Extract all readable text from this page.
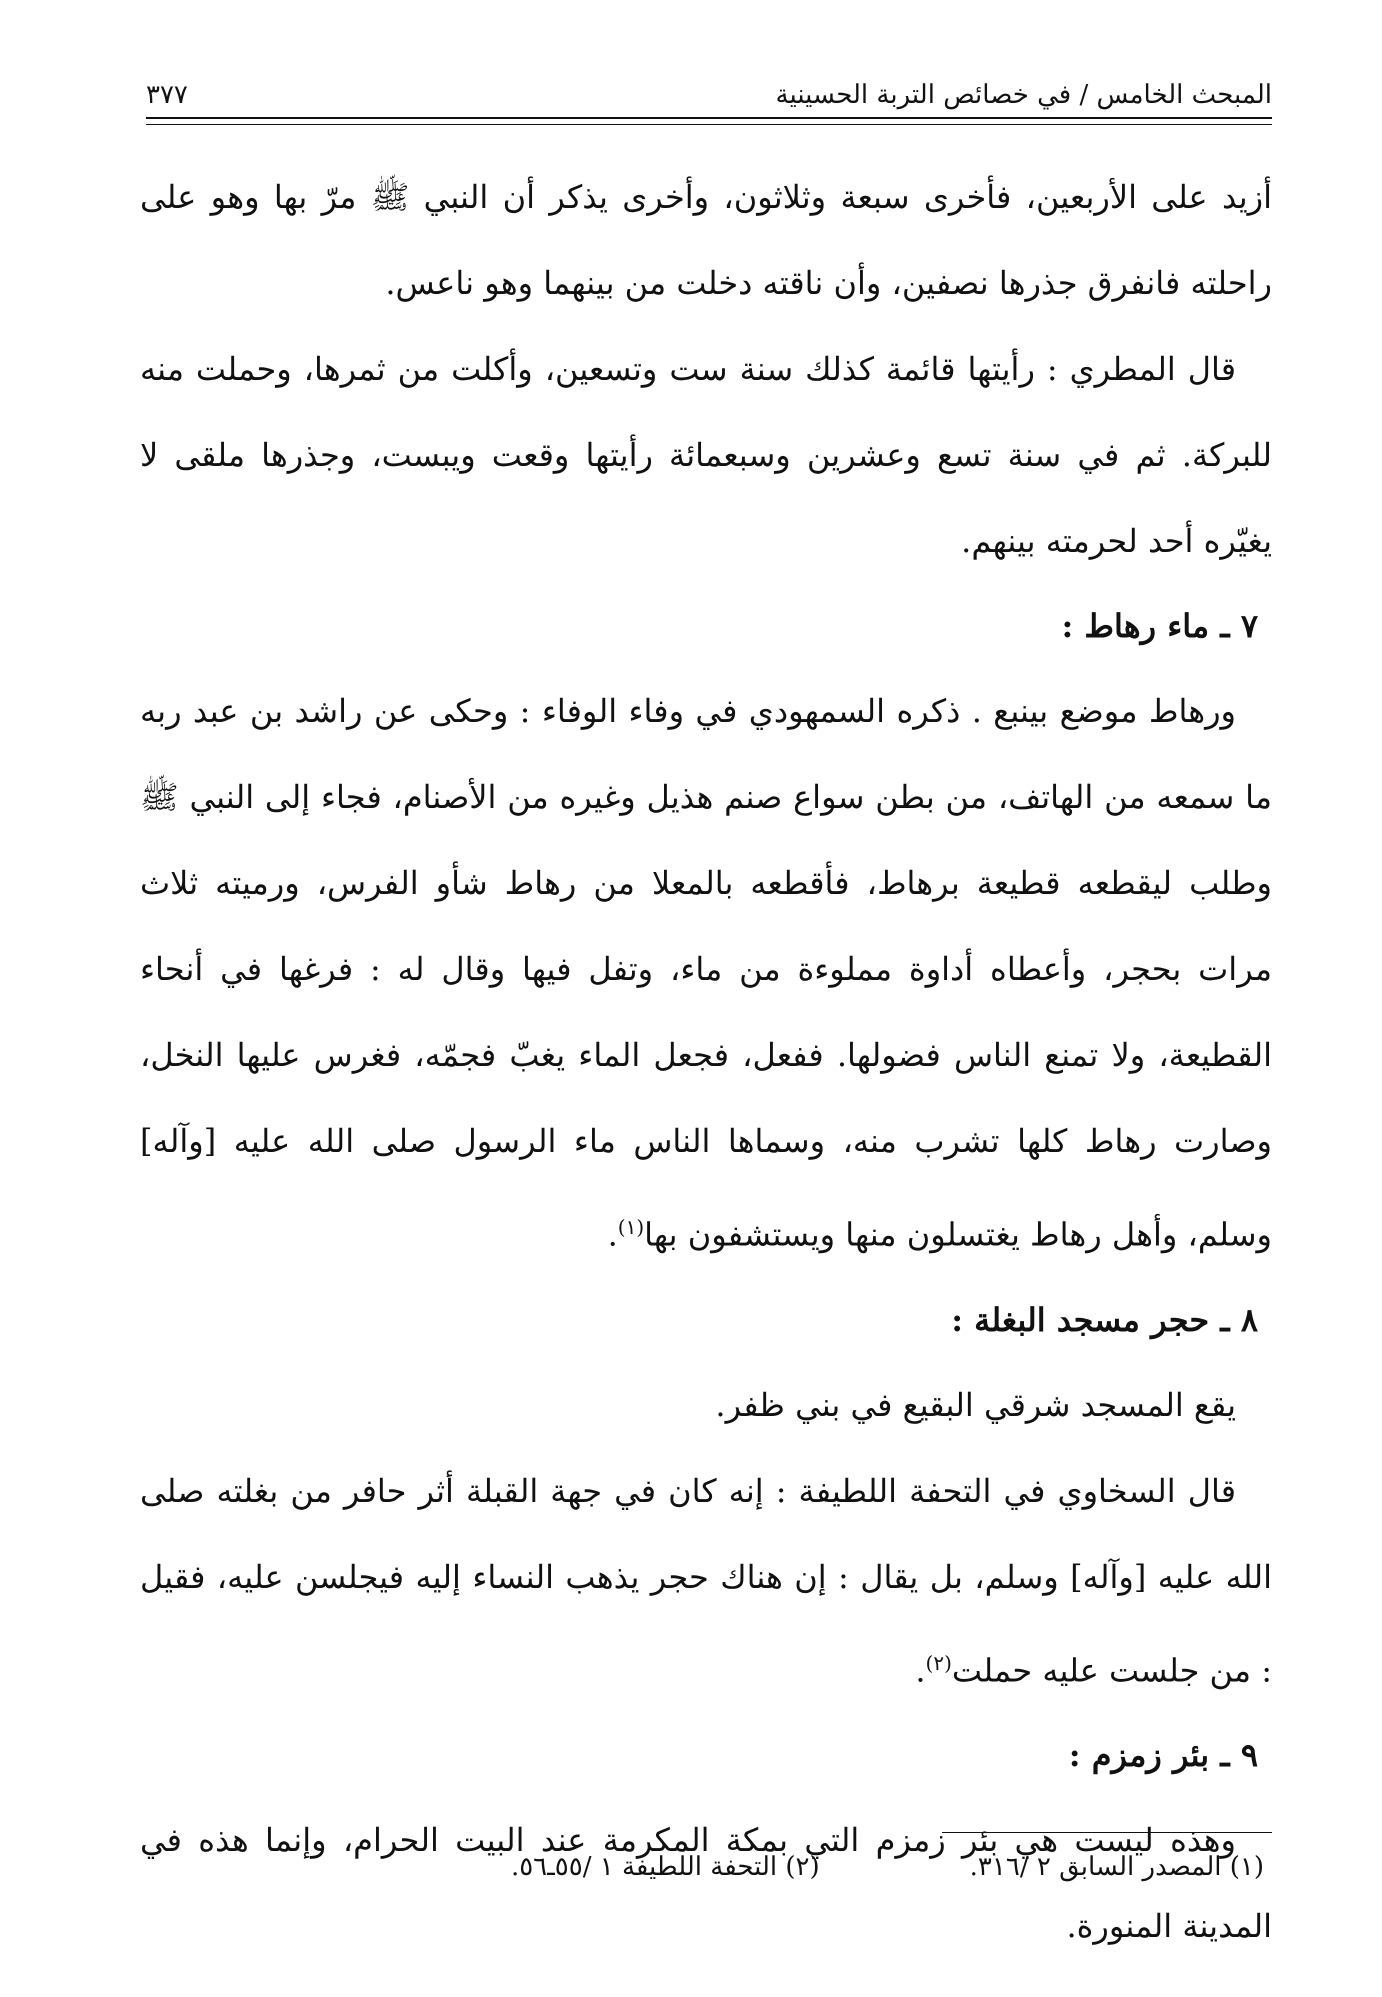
المبحث الخامس / في خصائص التربة الحسينية
٣٧٧

أزيد على الأربعين، فأخرى سبعة وثلاثون، وأخرى يذكر أن النبي ﷺ مرّ بها وهو على راحلته فانفرق جذرها نصفين، وأن ناقته دخلت من بينهما وهو ناعس.

قال المطري : رأيتها قائمة كذلك سنة ست وتسعين، وأكلت من ثمرها، وحملت منه للبركة. ثم في سنة تسع وعشرين وسبعمائة رأيتها وقعت ويبست، وجذرها ملقى لا يغيّره أحد لحرمته بينهم.

٧ ـ ماء رهاط :

ورهاط موضع بينبع . ذكره السمهودي في وفاء الوفاء : وحكى عن راشد بن عبد ربه ما سمعه من الهاتف، من بطن سواع صنم هذيل وغيره من الأصنام، فجاء إلى النبي ﷺ وطلب ليقطعه قطيعة برهاط، فأقطعه بالمعلا من رهاط شأو الفرس، ورميته ثلاث مرات بحجر، وأعطاه أداوة مملوءة من ماء، وتفل فيها وقال له : فرغها في أنحاء القطيعة، ولا تمنع الناس فضولها. ففعل، فجعل الماء يغبّ فجمّه، فغرس عليها النخل، وصارت رهاط كلها تشرب منه، وسماها الناس ماء الرسول صلى الله عليه [وآله] وسلم، وأهل رهاط يغتسلون منها ويستشفون بها$^{(١)}$.

٨ ـ حجر مسجد البغلة :

يقع المسجد شرقي البقيع في بني ظفر.

قال السخاوي في التحفة اللطيفة : إنه كان في جهة القبلة أثر حافر من بغلته صلى الله عليه [وآله] وسلم، بل يقال : إن هناك حجر يذهب النساء إليه فيجلسن عليه، فقيل : من جلست عليه حملت$^{(٢)}$.

٩ ـ بئر زمزم :

وهذه ليست هي بئر زمزم التي بمكة المكرمة عند البيت الحرام، وإنما هذه في المدينة المنورة.

(١) المصدر السابق ٢ /٣١٦.
(٢) التحفة اللطيفة ١ /٥٥ـ٥٦.
